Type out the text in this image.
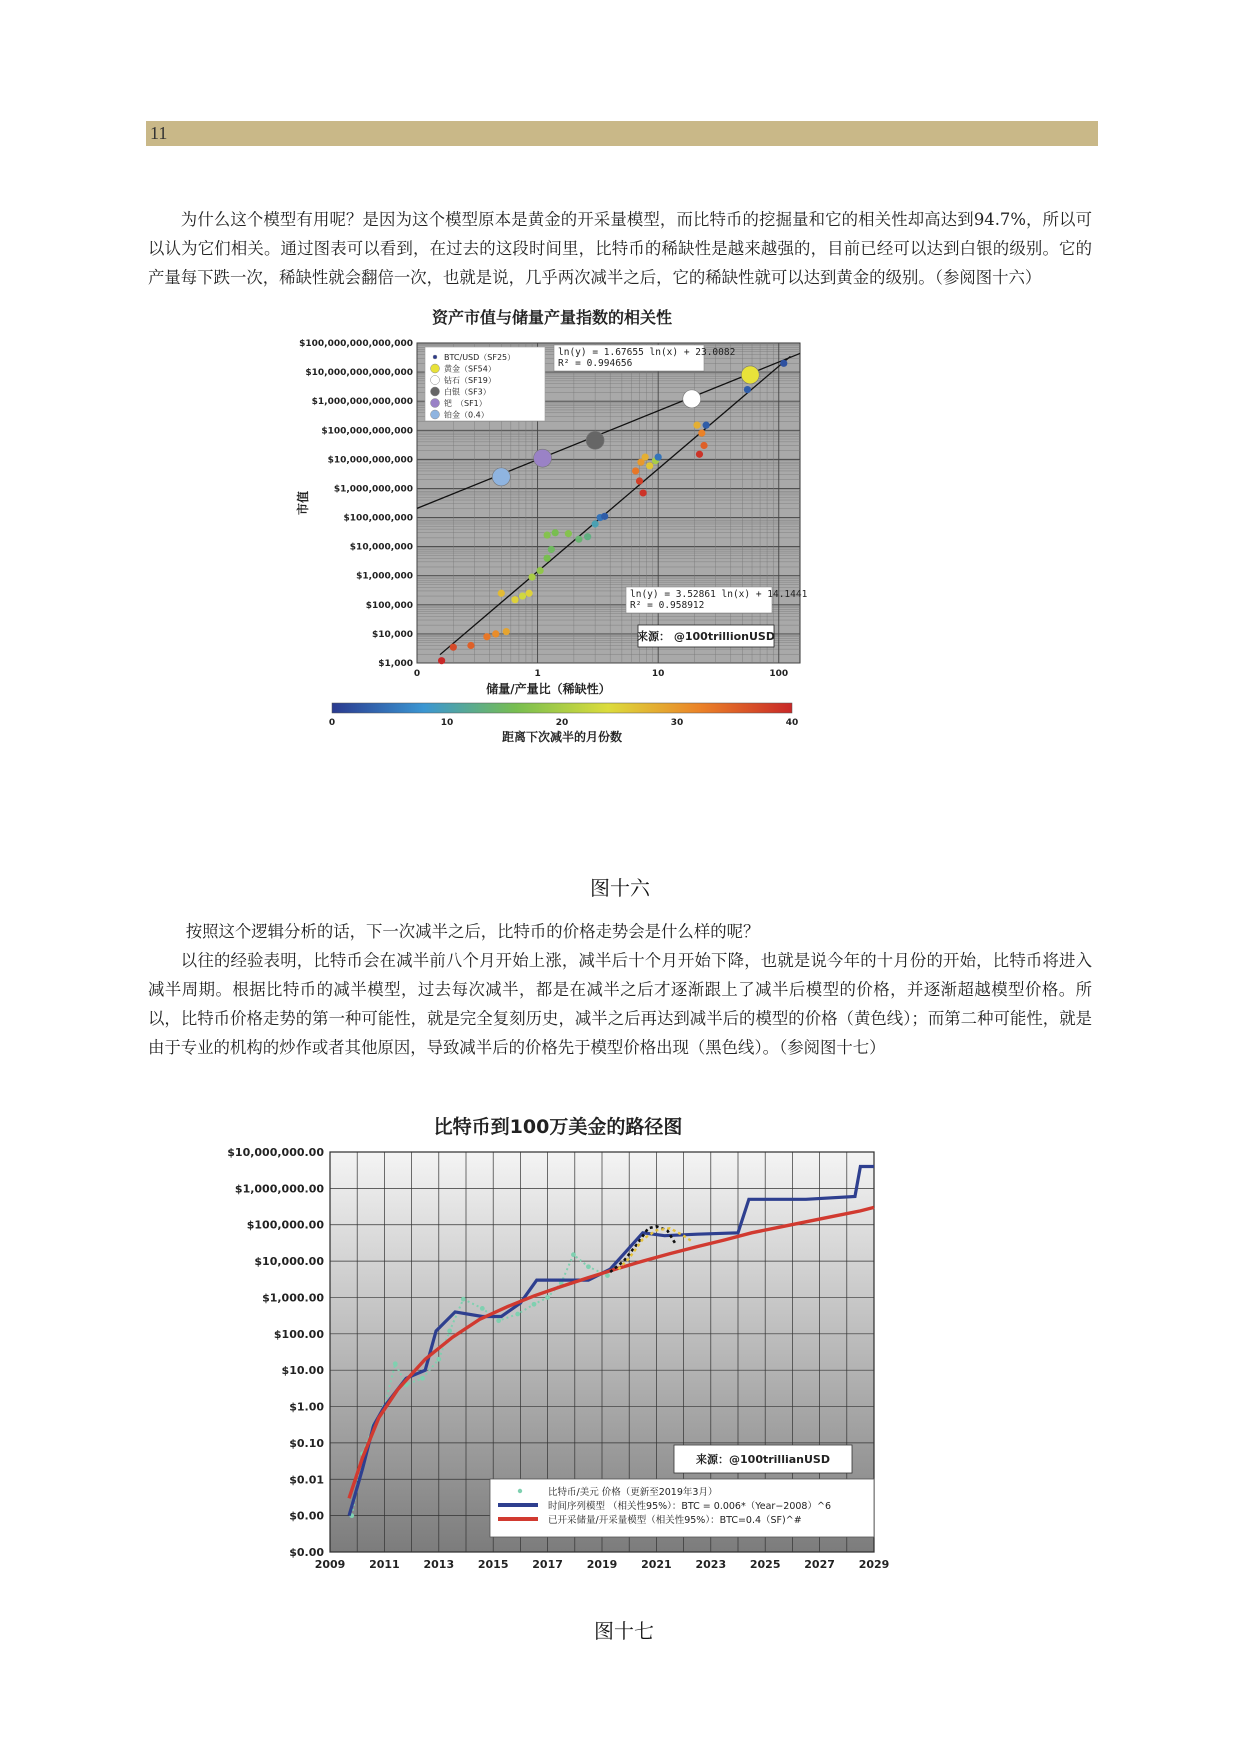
11

为什么这个模型有用呢？是因为这个模型原本是黄金的开采量模型，而比特币的挖掘量和它的相关性却高达到94.7%，所以可以认为它们相关。通过图表可以看到，在过去的这段时间里，比特币的稀缺性是越来越强的，目前已经可以达到白银的级别。它的产量每下跌一次，稀缺性就会翻倍一次，也就是说，几乎两次减半之后，它的稀缺性就可以达到黄金的级别。（参阅图十六）

资产市值与储量产量指数的相关性
$1,000
$10,000
$100,000
$1,000,000
$10,000,000
$100,000,000
$1,000,000,000
$10,000,000,000
$100,000,000,000
$1,000,000,000,000
$10,000,000,000,000
$100,000,000,000,000
0	1	10	100
储量/产量比（稀缺性）
市值
BTC/USD（SF25）
黄金（SF54）
钻石（SF19）
白银（SF3）
钯　（SF1）
铂金（0.4）
ln(y) = 1.67655 ln(x) + 23.0082
R² = 0.994656
ln(y) = 3.52861 ln(x) + 14.1441
R² = 0.958912
来源： @100trillionUSD
0	10	20	30	40
距离下次减半的月份数
图十六

按照这个逻辑分析的话，下一次减半之后，比特币的价格走势会是什么样的呢？

以往的经验表明，比特币会在减半前八个月开始上涨，减半后十个月开始下降，也就是说今年的十月份的开始，比特币将进入减半周期。根据比特币的减半模型，过去每次减半，都是在减半之后才逐渐跟上了减半后模型的价格，并逐渐超越模型价格。所以，比特币价格走势的第一种可能性，就是完全复刻历史，减半之后再达到减半后的模型的价格（黄色线）；而第二种可能性，就是由于专业的机构的炒作或者其他原因，导致减半后的价格先于模型价格出现（黑色线）。（参阅图十七）

比特币到100万美金的路径图
$10,000,000.00
$1,000,000.00
$100,000.00
$10,000.00
$1,000.00
$100.00
$10.00
$1.00
$0.10
$0.01
$0.00
$0.00
2009 2011 2013 2015 2017 2019 2021 2023 2025 2027 2029
来源：@100trillianUSD
比特币/美元 价格（更新至2019年3月）
时间序列模型 （相关性95%）：BTC = 0.006*（Year−2008）^6
已开采储量/开采量模型（相关性95%）：BTC=0.4（SF)^#
图十七
